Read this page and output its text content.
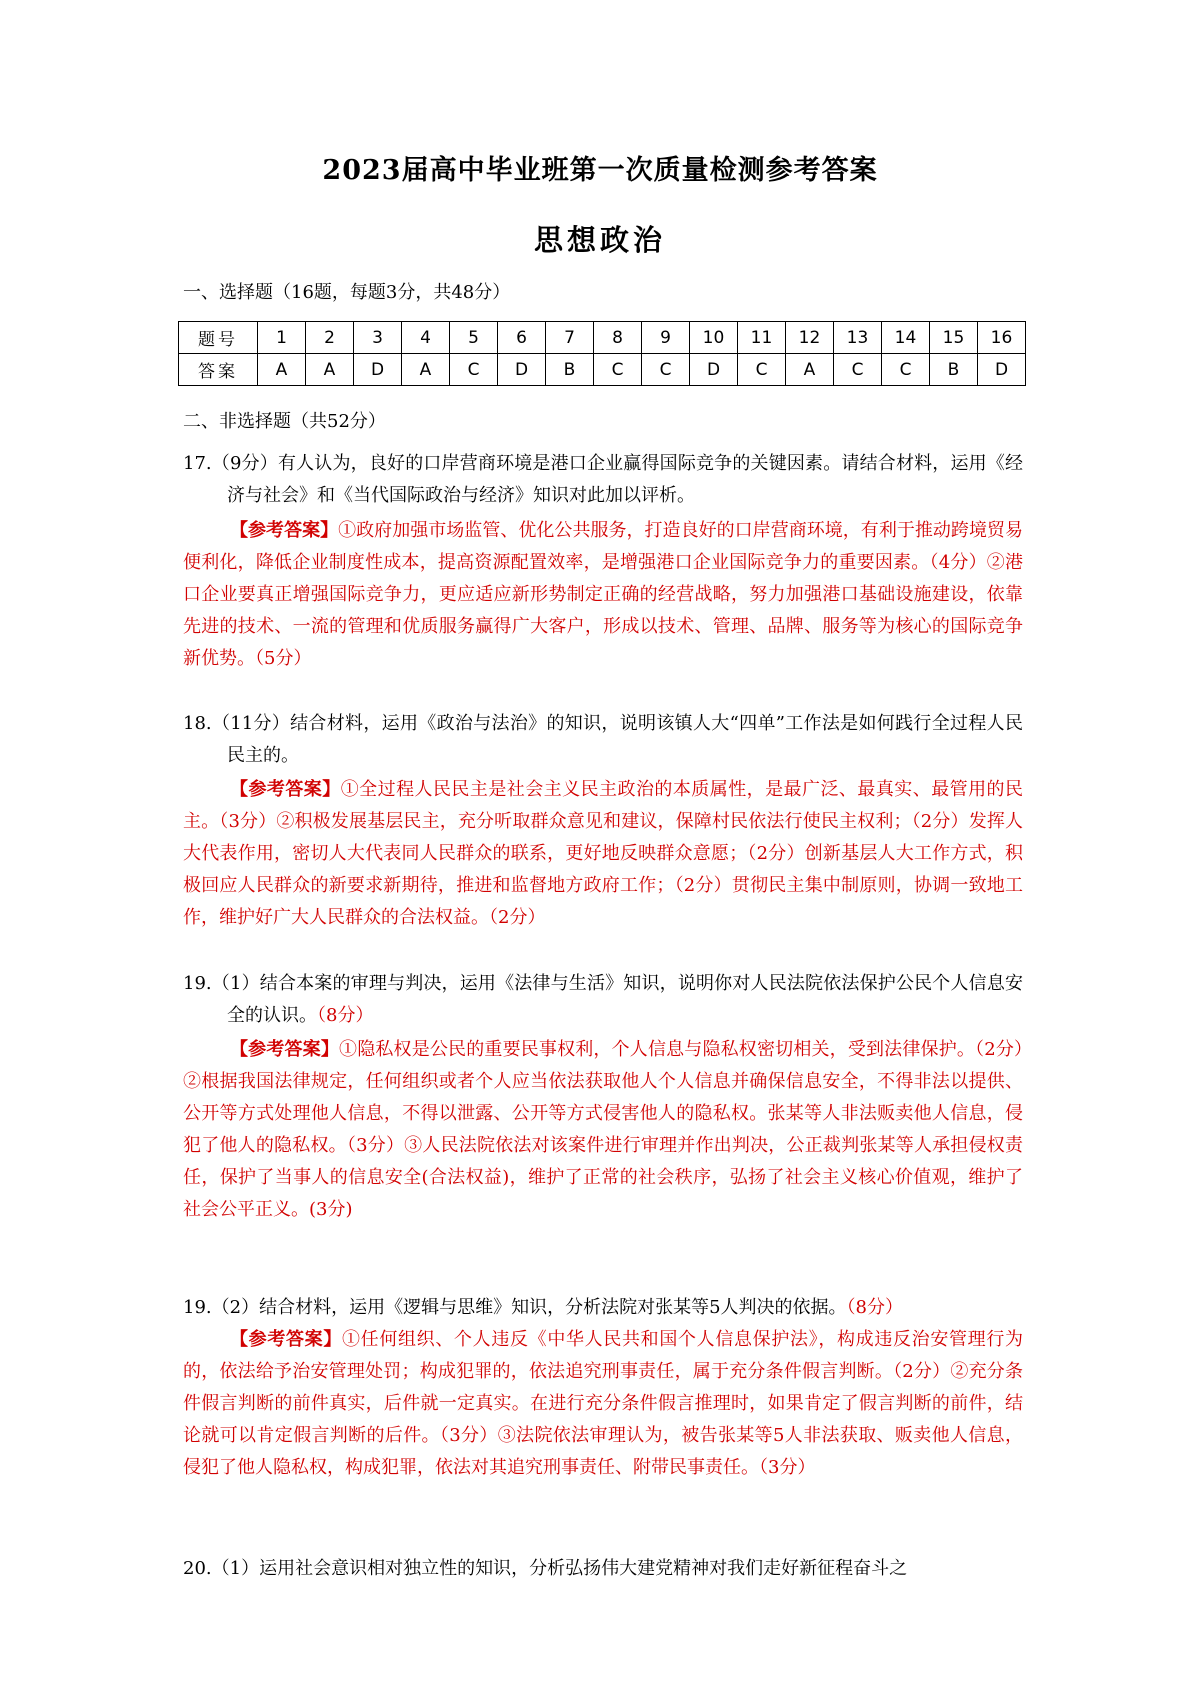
2023届高中毕业班第一次质量检测参考答案
思想政治
一、选择题（16题，每题3分，共48分）
题号	1	2	3	4	5	6	7	8	9	10	11	12	13	14	15	16
答案	A	A	D	A	C	D	B	C	C	D	C	A	C	C	B	D
二、非选择题（共52分）
17.（9分）有人认为，良好的口岸营商环境是港口企业赢得国际竞争的关键因素。请结合材料，运用《经济与社会》和《当代国际政治与经济》知识对此加以评析。
【参考答案】①政府加强市场监管、优化公共服务，打造良好的口岸营商环境，有利于推动跨境贸易便利化，降低企业制度性成本，提高资源配置效率，是增强港口企业国际竞争力的重要因素。（4分）②港口企业要真正增强国际竞争力，更应适应新形势制定正确的经营战略，努力加强港口基础设施建设，依靠先进的技术、一流的管理和优质服务赢得广大客户，形成以技术、管理、品牌、服务等为核心的国际竞争新优势。（5分）
18.（11分）结合材料，运用《政治与法治》的知识，说明该镇人大“四单”工作法是如何践行全过程人民民主的。
【参考答案】①全过程人民民主是社会主义民主政治的本质属性，是最广泛、最真实、最管用的民主。（3分）②积极发展基层民主，充分听取群众意见和建议，保障村民依法行使民主权利；（2分）发挥人大代表作用，密切人大代表同人民群众的联系，更好地反映群众意愿；（2分）创新基层人大工作方式，积极回应人民群众的新要求新期待，推进和监督地方政府工作；（2分）贯彻民主集中制原则，协调一致地工作，维护好广大人民群众的合法权益。（2分）
19.（1）结合本案的审理与判决，运用《法律与生活》知识，说明你对人民法院依法保护公民个人信息安全的认识。（8分）
【参考答案】①隐私权是公民的重要民事权利，个人信息与隐私权密切相关，受到法律保护。（2分）②根据我国法律规定，任何组织或者个人应当依法获取他人个人信息并确保信息安全，不得非法以提供、公开等方式处理他人信息，不得以泄露、公开等方式侵害他人的隐私权。张某等人非法贩卖他人信息，侵犯了他人的隐私权。（3分）③人民法院依法对该案件进行审理并作出判决，公正裁判张某等人承担侵权责任，保护了当事人的信息安全(合法权益)，维护了正常的社会秩序，弘扬了社会主义核心价值观，维护了社会公平正义。(3分)
19.（2）结合材料，运用《逻辑与思维》知识，分析法院对张某等5人判决的依据。（8分）
【参考答案】①任何组织、个人违反《中华人民共和国个人信息保护法》，构成违反治安管理行为的，依法给予治安管理处罚；构成犯罪的，依法追究刑事责任，属于充分条件假言判断。（2分）②充分条件假言判断的前件真实，后件就一定真实。在进行充分条件假言推理时，如果肯定了假言判断的前件，结论就可以肯定假言判断的后件。（3分）③法院依法审理认为，被告张某等5人非法获取、贩卖他人信息，侵犯了他人隐私权，构成犯罪，依法对其追究刑事责任、附带民事责任。（3分）
20.（1）运用社会意识相对独立性的知识，分析弘扬伟大建党精神对我们走好新征程奋斗之
